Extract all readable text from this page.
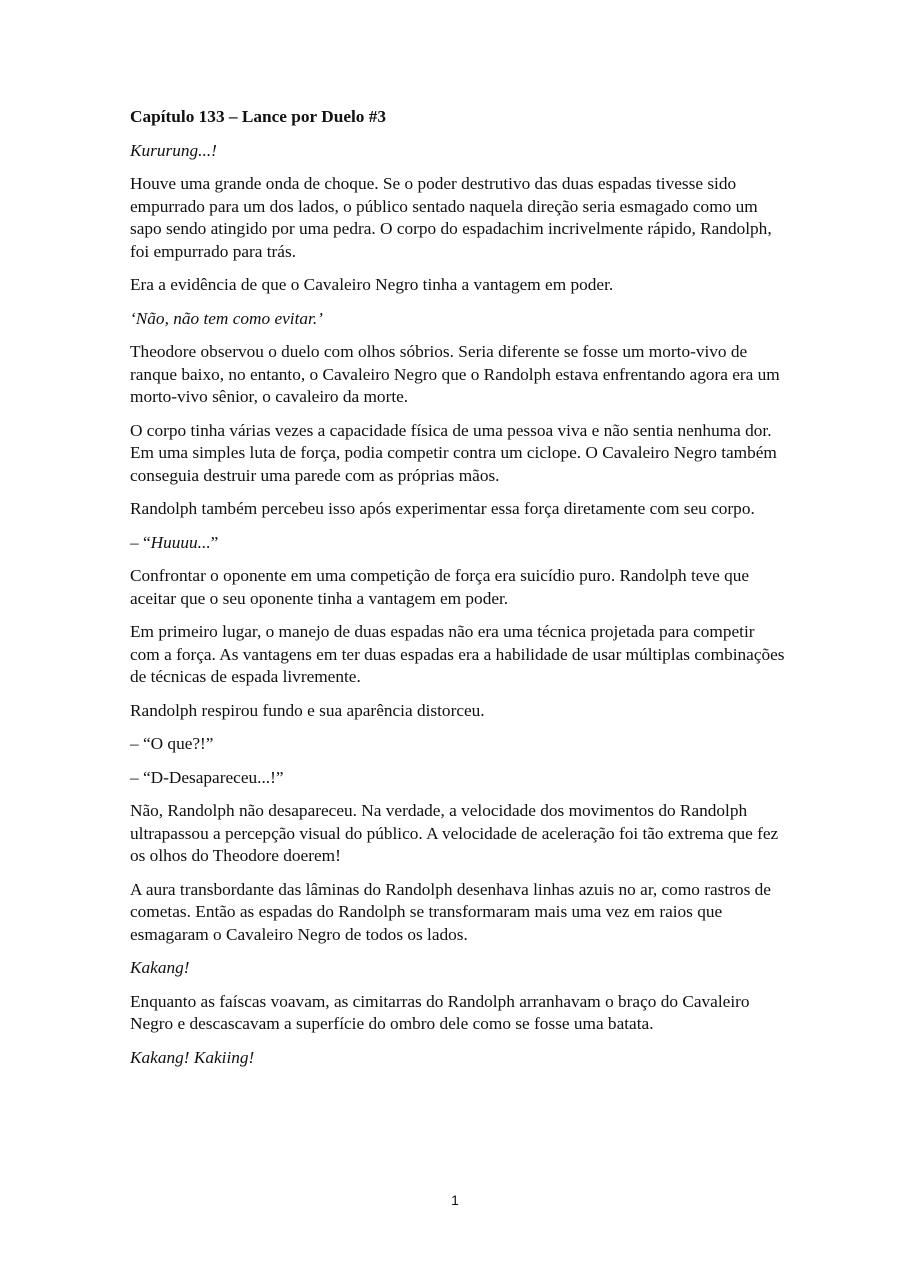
Capítulo 133 – Lance por Duelo #3

Kururung...!

Houve uma grande onda de choque. Se o poder destrutivo das duas espadas tivesse sido empurrado para um dos lados, o público sentado naquela direção seria esmagado como um sapo sendo atingido por uma pedra. O corpo do espadachim incrivelmente rápido, Randolph, foi empurrado para trás.

Era a evidência de que o Cavaleiro Negro tinha a vantagem em poder.

‘Não, não tem como evitar.’

Theodore observou o duelo com olhos sóbrios. Seria diferente se fosse um morto-vivo de ranque baixo, no entanto, o Cavaleiro Negro que o Randolph estava enfrentando agora era um morto-vivo sênior, o cavaleiro da morte.

O corpo tinha várias vezes a capacidade física de uma pessoa viva e não sentia nenhuma dor. Em uma simples luta de força, podia competir contra um ciclope. O Cavaleiro Negro também conseguia destruir uma parede com as próprias mãos.

Randolph também percebeu isso após experimentar essa força diretamente com seu corpo.

– “Huuuu...”

Confrontar o oponente em uma competição de força era suicídio puro. Randolph teve que aceitar que o seu oponente tinha a vantagem em poder.

Em primeiro lugar, o manejo de duas espadas não era uma técnica projetada para competir com a força. As vantagens em ter duas espadas era a habilidade de usar múltiplas combinações de técnicas de espada livremente.

Randolph respirou fundo e sua aparência distorceu.

– “O que?!”

– “D-Desapareceu...!”

Não, Randolph não desapareceu. Na verdade, a velocidade dos movimentos do Randolph ultrapassou a percepção visual do público. A velocidade de aceleração foi tão extrema que fez os olhos do Theodore doerem!

A aura transbordante das lâminas do Randolph desenhava linhas azuis no ar, como rastros de cometas. Então as espadas do Randolph se transformaram mais uma vez em raios que esmagaram o Cavaleiro Negro de todos os lados.

Kakang!

Enquanto as faíscas voavam, as cimitarras do Randolph arranhavam o braço do Cavaleiro Negro e descascavam a superfície do ombro dele como se fosse uma batata.

Kakang! Kakiing!

1
